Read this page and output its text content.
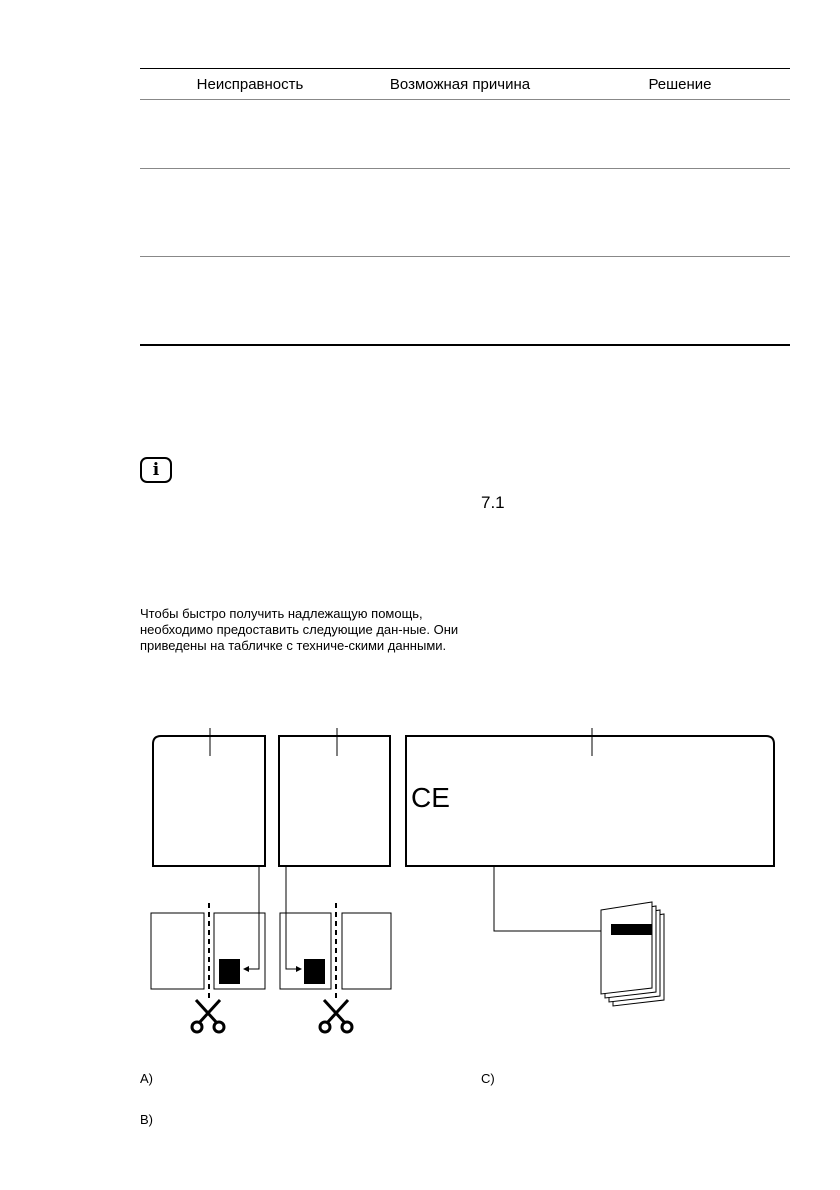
Неисправность	Возможная причина	Решение
i
7.1
Чтобы быстро получить надлежащую помощь, необходимо предоставить следующие дан-ные. Они приведены на табличке с техниче-скими данными.
CE
A)
B)
C)
